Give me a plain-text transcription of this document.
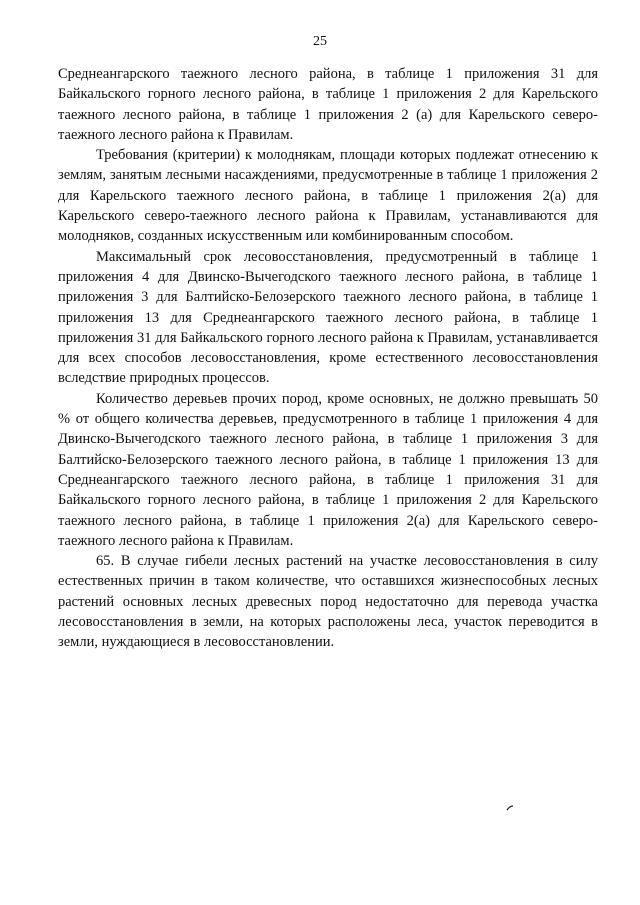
25

Среднеангарского таежного лесного района, в таблице 1 приложения 31 для Байкальского горного лесного района, в таблице 1 приложения 2 для Карельского таежного лесного района, в таблице 1 приложения 2 (а) для Карельского северо-таежного лесного района к Правилам.

Требования (критерии) к молоднякам, площади которых подлежат отнесению к землям, занятым лесными насаждениями, предусмотренные в таблице 1 приложения 2 для Карельского таежного лесного района, в таблице 1 приложения 2(а) для Карельского северо-таежного лесного района к Правилам, устанавливаются для молодняков, созданных искусственным или комбинированным способом.

Максимальный срок лесовосстановления, предусмотренный в таблице 1 приложения 4 для Двинско-Вычегодского таежного лесного района, в таблице 1 приложения 3 для Балтийско-Белозерского таежного лесного района, в таблице 1 приложения 13 для Среднеангарского таежного лесного района, в таблице 1 приложения 31 для Байкальского горного лесного района к Правилам, устанавливается для всех способов лесовосстановления, кроме естественного лесовосстановления вследствие природных процессов.

Количество деревьев прочих пород, кроме основных, не должно превышать 50 % от общего количества деревьев, предусмотренного в таблице 1 приложения 4 для Двинско-Вычегодского таежного лесного района, в таблице 1 приложения 3 для Балтийско-Белозерского таежного лесного района, в таблице 1 приложения 13 для Среднеангарского таежного лесного района, в таблице 1 приложения 31 для Байкальского горного лесного района, в таблице 1 приложения 2 для Карельского таежного лесного района, в таблице 1 приложения 2(а) для Карельского северо-таежного лесного района к Правилам.

65. В случае гибели лесных растений на участке лесовосстановления в силу естественных причин в таком количестве, что оставшихся жизнеспособных лесных растений основных лесных древесных пород недостаточно для перевода участка лесовосстановления в земли, на которых расположены леса, участок переводится в земли, нуждающиеся в лесовосстановлении.
